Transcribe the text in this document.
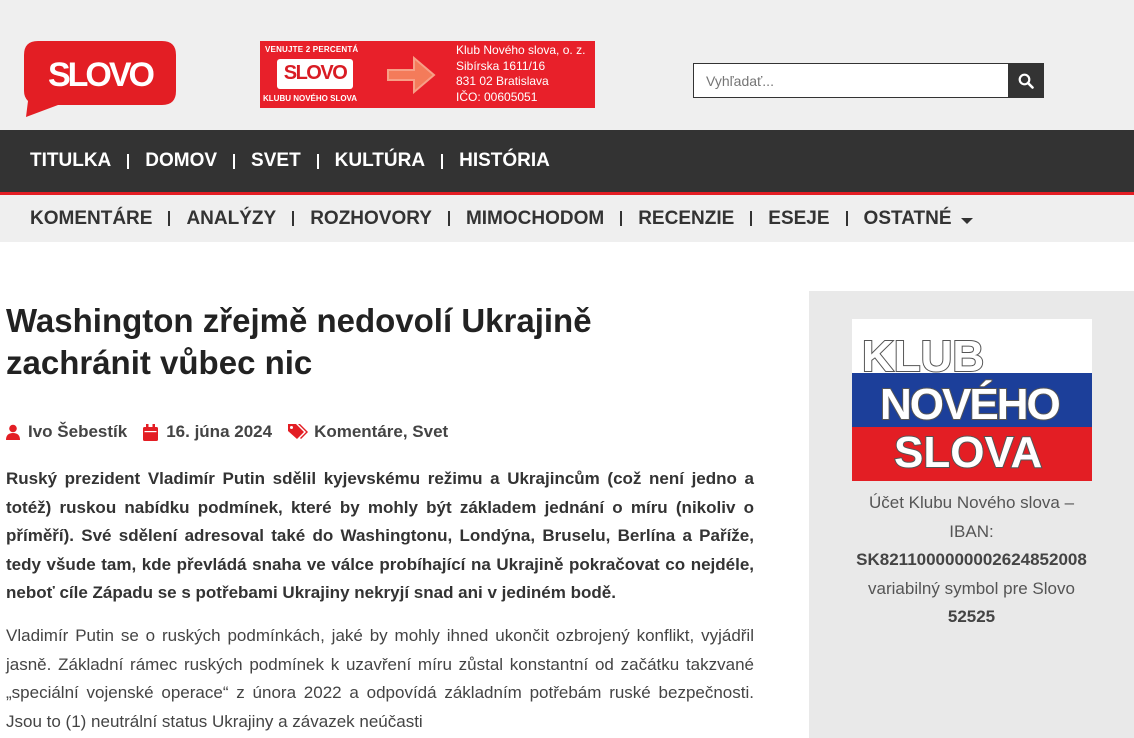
SLOVO
VENUJTE 2 PERCENTÁ
SLOVO
KLUBU NOVÉHO SLOVA
Klub Nového slova, o. z.
Sibírska 1611/16
831 02 Bratislava
IČO: 00605051
Vyhľadať...
TITULKA DOMOV SVET KULTÚRA HISTÓRIA
KOMENTÁRE ANALÝZY ROZHOVORY MIMOCHODOM RECENZIE ESEJE OSTATNÉ
Washington zřejmě nedovolí Ukrajině zachránit vůbec nic
Ivo Šebestík 16. júna 2024 Komentáre, Svet

Ruský prezident Vladimír Putin sdělil kyjevskému režimu a Ukrajincům (což není jedno a totéž) ruskou nabídku podmínek, které by mohly být základem jednání o míru (nikoliv o příměří). Své sdělení adresoval také do Washingtonu, Londýna, Bruselu, Berlína a Paříže, tedy všude tam, kde převládá snaha ve válce probíhající na Ukrajině pokračovat co nejdéle, neboť cíle Západu se s potřebami Ukrajiny nekryjí snad ani v jediném bodě.

Vladimír Putin se o ruských podmínkách, jaké by mohly ihned ukončit ozbrojený konflikt, vyjádřil jasně. Základní rámec ruských podmínek k uzavření míru zůstal konstantní od začátku takzvané „speciální vojenské operace“ z února 2022 a odpovídá základním potřebám ruské bezpečnosti. Jsou to (1) neutrální status Ukrajiny a závazek neúčasti

KLUB
NOVÉHO
SLOVA
Účet Klubu Nového slova – IBAN:
SK8211000000002624852008
variabilný symbol pre Slovo
52525
